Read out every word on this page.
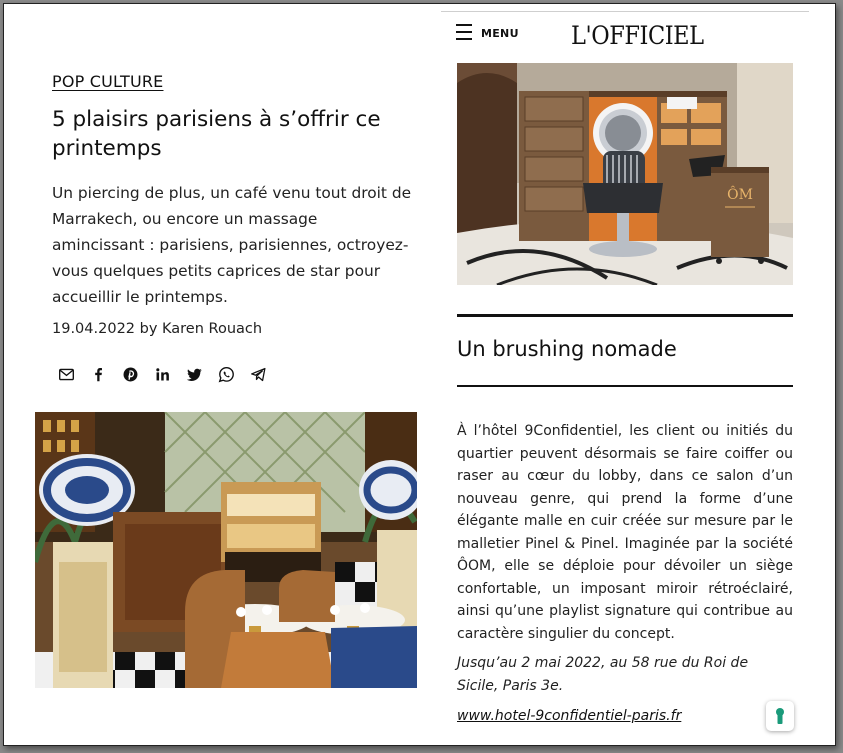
POP CULTURE
5 plaisirs parisiens à s’offrir ce printemps
Un piercing de plus, un café venu tout droit de Marrakech, ou encore un massage amincissant : parisiens, parisiennes, octroyez-vous quelques petits caprices de star pour accueillir le printemps.
19.04.2022 by Karen Rouach
MENU L'OFFICIEL
ÔM
Un brushing nomade
À l’hôtel 9Confidentiel, les client ou initiés du quartier peuvent désormais se faire coiffer ou raser au cœur du lobby, dans ce salon d’un nouveau genre, qui prend la forme d’une élégante malle en cuir créée sur mesure par le malletier Pinel & Pinel. Imaginée par la société ÔOM, elle se déploie pour dévoiler un siège confortable, un imposant miroir rétroéclairé, ainsi qu’une playlist signature qui contribue au caractère singulier du concept.
Jusqu’au 2 mai 2022, au 58 rue du Roi de Sicile, Paris 3e.
www.hotel-9confidentiel-paris.fr
